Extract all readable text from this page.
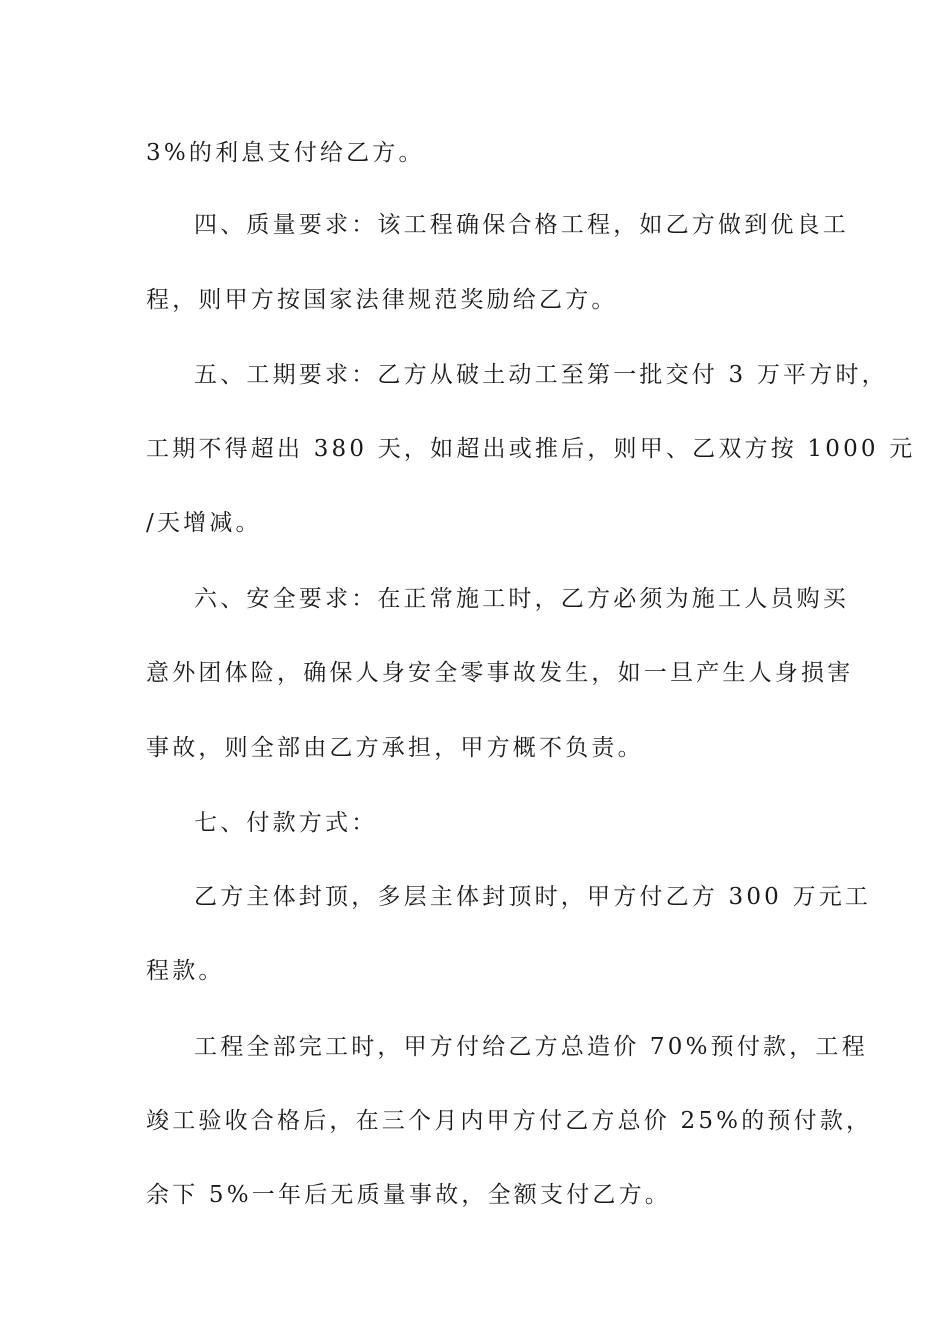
3%的利息支付给乙方。
四、质量要求：该工程确保合格工程，如乙方做到优良工
程，则甲方按国家法律规范奖励给乙方。
五、工期要求：乙方从破土动工至第一批交付 3 万平方时，
工期不得超出 380 天，如超出或推后，则甲、乙双方按 1000 元
/天增减。
六、安全要求：在正常施工时，乙方必须为施工人员购买
意外团体险，确保人身安全零事故发生，如一旦产生人身损害
事故，则全部由乙方承担，甲方概不负责。
七、付款方式：
乙方主体封顶，多层主体封顶时，甲方付乙方 300 万元工
程款。
工程全部完工时，甲方付给乙方总造价 70%预付款，工程
竣工验收合格后，在三个月内甲方付乙方总价 25%的预付款，
余下 5%一年后无质量事故，全额支付乙方。
